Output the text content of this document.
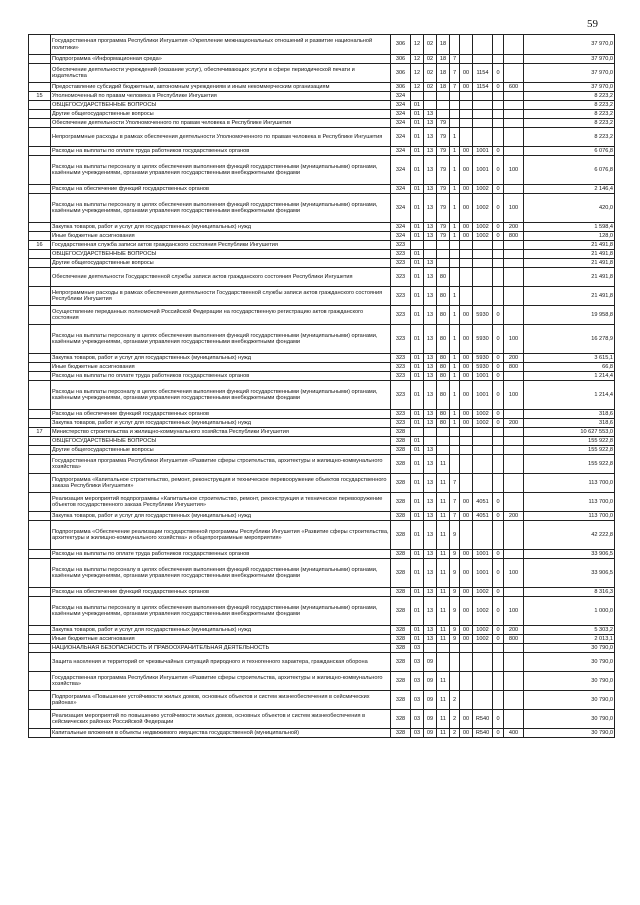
59
	Государственная программа Республики Ингушетия «Укрепление межнациональных отношений и развитие национальной политики»	306	12	02	18						37 970,0
	Подпрограмма «Информационная среда»	306	12	02	18	7					37 970,0
	Обеспечение деятельности учреждений (оказание услуг), обеспечивающих услуги в сфере периодической печати и издательства	306	12	02	18	7	00	1154	0		37 970,0
	Предоставление субсидий бюджетным, автономным учреждениям и иным некоммерческим организациям	306	12	02	18	7	00	1154	0	600	37 970,0
15	Уполномоченный по правам человека в Республике Ингушетия	324									8 223,2
	ОБЩЕГОСУДАРСТВЕННЫЕ ВОПРОСЫ	324	01								8 223,2
	Другие общегосударственные вопросы	324	01	13							8 223,2
	Обеспечение деятельности Уполномоченного по правам человека в Республике Ингушетия	324	01	13	79						8 223,2
	Непрограммные расходы в рамках обеспечения деятельности Уполномоченного по правам человека в Республике Ингушетия	324	01	13	79	1					8 223,2
	Расходы на выплаты по оплате труда работников государственных органов	324	01	13	79	1	00	1001	0		6 076,8
	Расходы на выплаты персоналу в целях обеспечения выполнения функций государственными (муниципальными) органами, казёнными учреждениями, органами управления государственными внебюджетными фондами	324	01	13	79	1	00	1001	0	100	6 076,8
	Расходы на обеспечение функций государственных органов	324	01	13	79	1	00	1002	0		2 146,4
	Расходы на выплаты персоналу в целях обеспечения выполнения функций государственными (муниципальными) органами, казёнными учреждениями, органами управления государственными внебюджетными фондами	324	01	13	79	1	00	1002	0	100	420,0
	Закупка товаров, работ и услуг для государственных (муниципальных) нужд	324	01	13	79	1	00	1002	0	200	1 598,4
	Иные бюджетные ассигнования	324	01	13	79	1	00	1002	0	800	128,0
16	Государственная служба записи актов гражданского состояния Республики Ингушетия	323									21 491,8
	ОБЩЕГОСУДАРСТВЕННЫЕ ВОПРОСЫ	323	01								21 491,8
	Другие общегосударственные вопросы	323	01	13							21 491,8
	Обеспечение деятельности Государственной службы записи актов гражданского состояния Республики Ингушетия	323	01	13	80						21 491,8
	Непрограммные расходы в рамках обеспечения деятельности Государственной службы записи актов гражданского состояния Республики Ингушетия	323	01	13	80	1					21 491,8
	Осуществление переданных полномочий Российской Федерации на государственную регистрацию актов гражданского состояния	323	01	13	80	1	00	5930	0		19 958,8
	Расходы на выплаты персоналу в целях обеспечения выполнения функций государственными (муниципальными) органами, казёнными учреждениями, органами управления государственными внебюджетными фондами	323	01	13	80	1	00	5930	0	100	16 278,9
	Закупка товаров, работ и услуг для государственных (муниципальных) нужд	323	01	13	80	1	00	5930	0	200	3 615,1
	Иные бюджетные ассигнования	323	01	13	80	1	00	5930	0	800	66,8
	Расходы на выплаты по оплате труда работников государственных органов	323	01	13	80	1	00	1001	0		1 214,4
	Расходы на выплаты персоналу в целях обеспечения выполнения функций государственными (муниципальными) органами, казёнными учреждениями, органами управления государственными внебюджетными фондами	323	01	13	80	1	00	1001	0	100	1 214,4
	Расходы на обеспечение функций государственных органов	323	01	13	80	1	00	1002	0		318,6
	Закупка товаров, работ и услуг для государственных (муниципальных) нужд	323	01	13	80	1	00	1002	0	200	318,6
17	Министерство строительства и жилищно-коммунального хозяйства Республики Ингушетия	328									10 627 553,0
	ОБЩЕГОСУДАРСТВЕННЫЕ ВОПРОСЫ	328	01								155 922,8
	Другие общегосударственные вопросы	328	01	13							155 922,8
	Государственная программа Республики Ингушетия «Развитие сферы строительства, архитектуры и жилищно-коммунального хозяйства»	328	01	13	11						155 922,8
	Подпрограмма «Капитальное строительство, ремонт, реконструкция и техническое перевооружение объектов государственного заказа Республики Ингушетия»	328	01	13	11	7					113 700,0
	Реализация мероприятий подпрограммы «Капитальное строительство, ремонт, реконструкция и техническое перевооружение объектов государственного заказа Республики Ингушетия»	328	01	13	11	7	00	4051	0		113 700,0
	Закупка товаров, работ и услуг для государственных (муниципальных) нужд	328	01	13	11	7	00	4051	0	200	113 700,0
	Подпрограмма «Обеспечение реализации государственной программы Республики Ингушетия «Развитие сферы строительства, архитектуры и жилищно-коммунального хозяйства» и общепрограммные мероприятия»	328	01	13	11	9					42 222,8
	Расходы на выплаты по оплате труда работников государственных органов	328	01	13	11	9	00	1001	0		33 906,5
	Расходы на выплаты персоналу в целях обеспечения выполнения функций государственными (муниципальными) органами, казёнными учреждениями, органами управления государственными внебюджетными фондами	328	01	13	11	9	00	1001	0	100	33 906,5
	Расходы на обеспечение функций государственных органов	328	01	13	11	9	00	1002	0		8 316,3
	Расходы на выплаты персоналу в целях обеспечения выполнения функций государственными (муниципальными) органами, казёнными учреждениями, органами управления государственными внебюджетными фондами	328	01	13	11	9	00	1002	0	100	1 000,0
	Закупка товаров, работ и услуг для государственных (муниципальных) нужд	328	01	13	11	9	00	1002	0	200	5 303,2
	Иные бюджетные ассигнования	328	01	13	11	9	00	1002	0	800	2 013,1
	НАЦИОНАЛЬНАЯ БЕЗОПАСНОСТЬ И ПРАВООХРАНИТЕЛЬНАЯ ДЕЯТЕЛЬНОСТЬ	328	03								30 790,0
	Защита населения и территорий от чрезвычайных ситуаций природного и техногенного характера, гражданская оборона	328	03	09							30 790,0
	Государственная программа Республики Ингушетия «Развитие сферы строительства, архитектуры и жилищно-коммунального хозяйства»	328	03	09	11						30 790,0
	Подпрограмма «Повышение устойчивости жилых домов, основных объектов и систем жизнеобеспечения в сейсмических районах»	328	03	09	11	2					30 790,0
	Реализация мероприятий по повышению устойчивости жилых домов, основных объектов и систем жизнеобеспечения в сейсмических районах Российской Федерации	328	03	09	11	2	00	R540	0		30 790,0
	Капитальные вложения в объекты недвижимого имущества государственной (муниципальной)	328	03	09	11	2	00	R540	0	400	30 790,0
